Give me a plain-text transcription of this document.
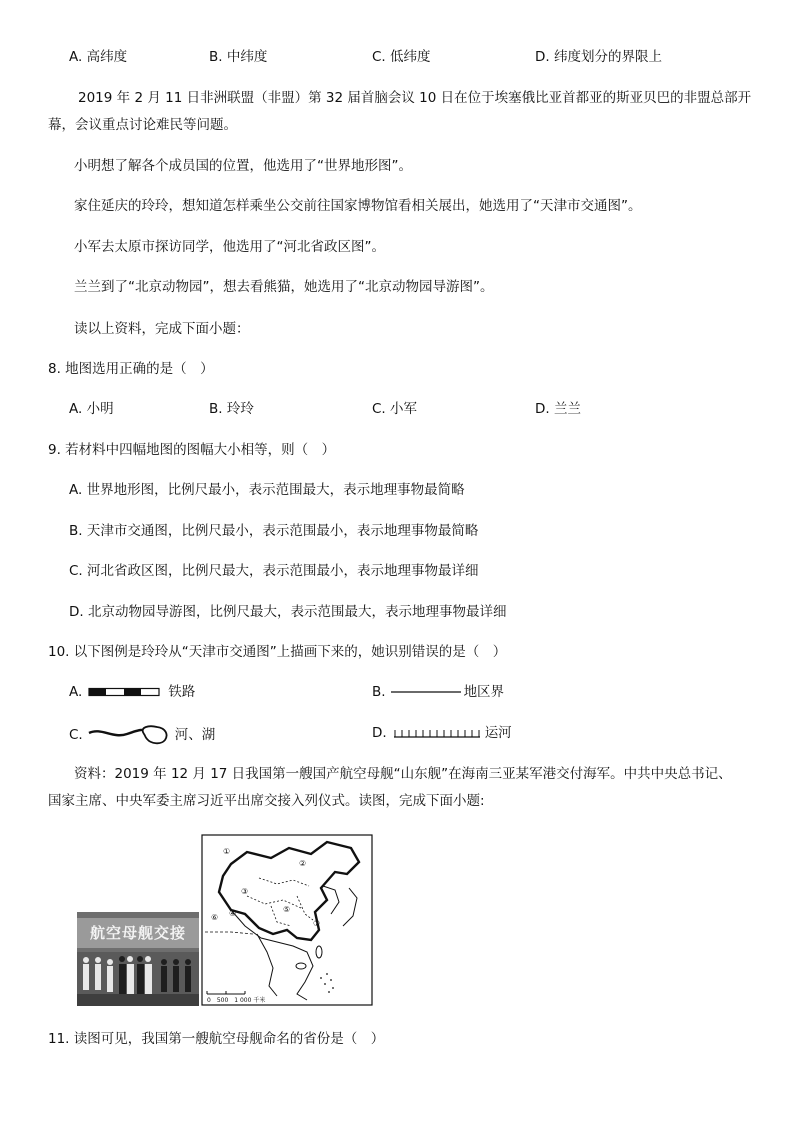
A. 高纬度	B. 中纬度	C. 低纬度	D. 纬度划分的界限上
2019 年 2 月 11 日非洲联盟（非盟）第 32 届首脑会议 10 日在位于埃塞俄比亚首都亚的斯亚贝巴的非盟总部开
幕，会议重点讨论难民等问题。
小明想了解各个成员国的位置，他选用了“世界地形图”。
家住延庆的玲玲，想知道怎样乘坐公交前往国家博物馆看相关展出，她选用了“天津市交通图”。
小军去太原市探访同学，他选用了“河北省政区图”。
兰兰到了“北京动物园”，想去看熊猫，她选用了“北京动物园导游图”。
读以上资料，完成下面小题：
8. 地图选用正确的是（　）
A. 小明	B. 玲玲	C. 小军	D. 兰兰
9. 若材料中四幅地图的图幅大小相等，则（　）
A. 世界地形图，比例尺最小，表示范围最大，表示地理事物最简略
B. 天津市交通图，比例尺最小，表示范围最小，表示地理事物最简略
C. 河北省政区图，比例尺最大，表示范围最小，表示地理事物最详细
D. 北京动物园导游图，比例尺最大，表示范围最大，表示地理事物最详细
10. 以下图例是玲玲从“天津市交通图”上描画下来的，她识别错误的是（　）
A.	铁路	B.	地区界
C.	河、湖	D.	运河
资料：2019 年 12 月 17 日我国第一艘国产航空母舰“山东舰”在海南三亚某军港交付海军。中共中央总书记、
国家主席、中央军委主席习近平出席交接入列仪式。读图，完成下面小题:
航空母舰交接
①
②
③
④	⑤
⑥
⑦
0　500　1 000 千米
11. 读图可见，我国第一艘航空母舰命名的省份是（　）
